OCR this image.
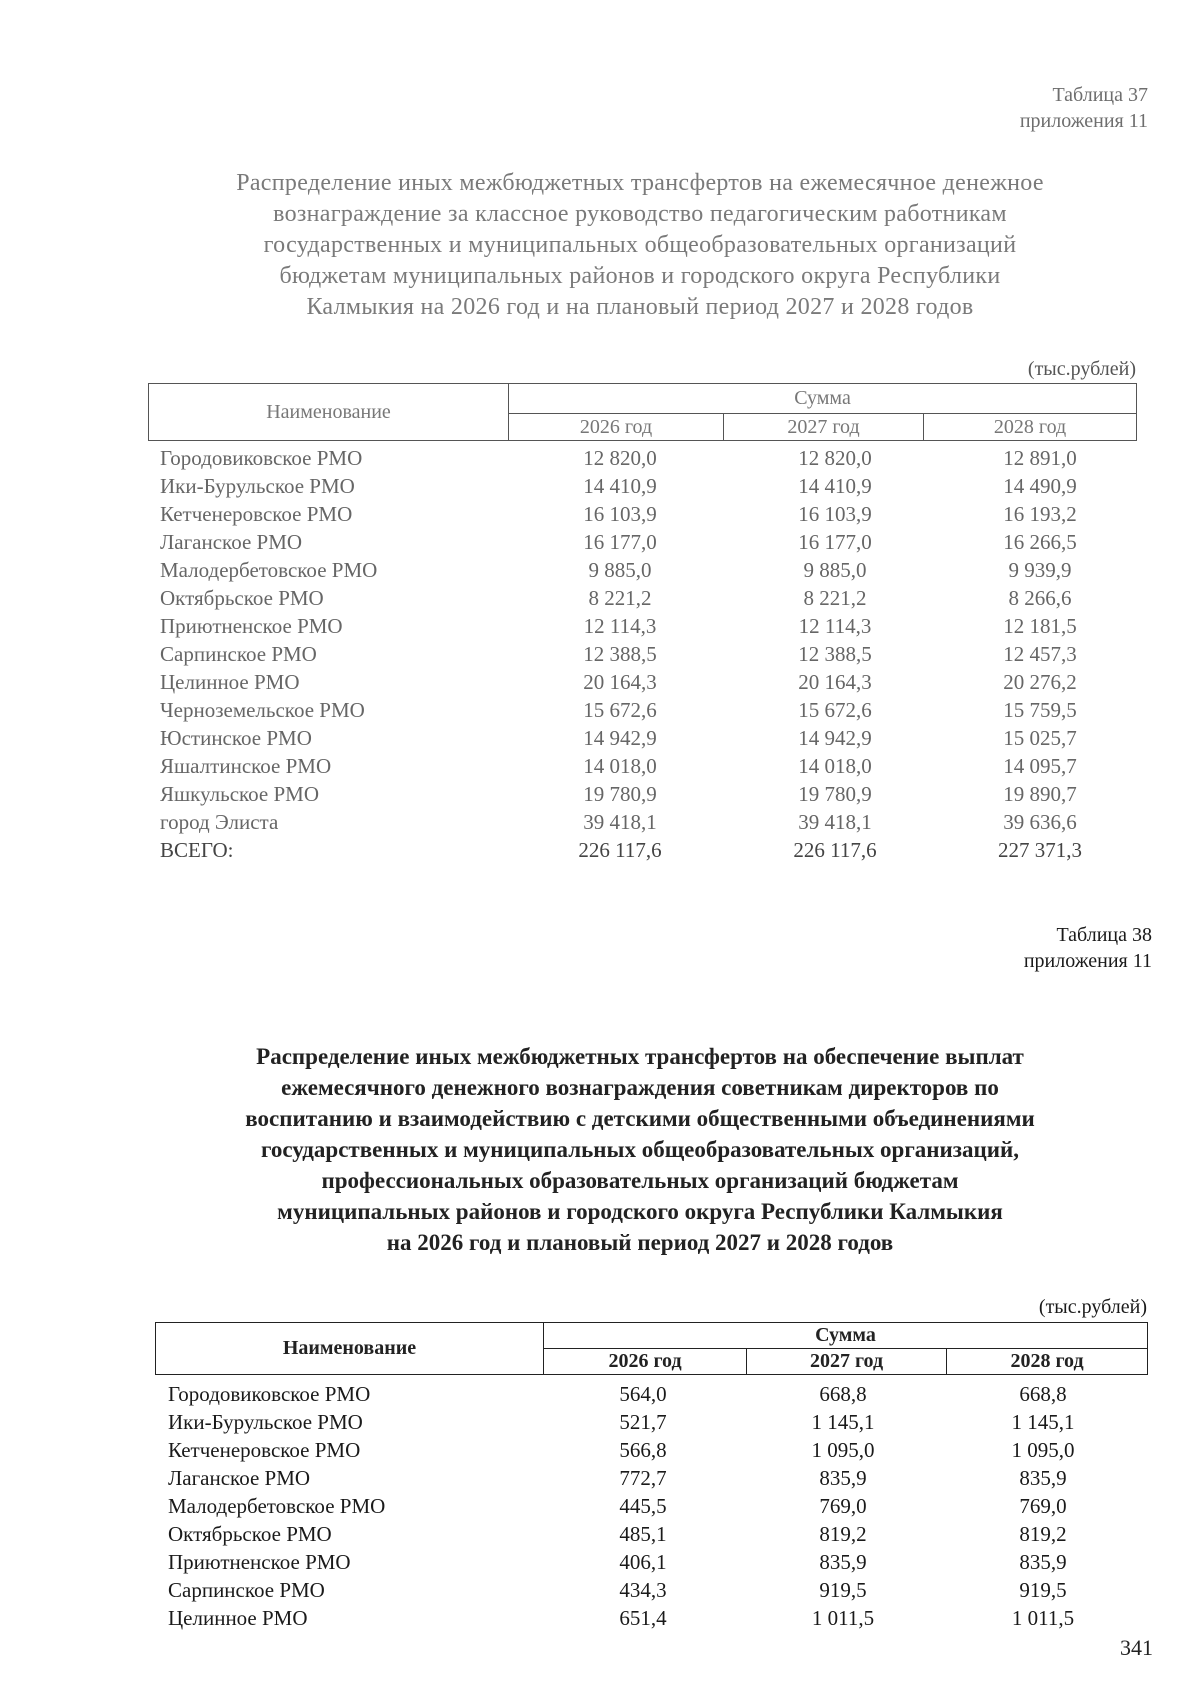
Таблица 37
приложения 11
Распределение иных межбюджетных трансфертов на ежемесячное денежное
вознаграждение за классное руководство педагогическим работникам
государственных и муниципальных общеобразовательных организаций
бюджетам муниципальных районов и городского округа Республики
Калмыкия на 2026 год и на плановый период 2027 и 2028 годов
(тыс.рублей)
Наименование	Сумма		
	2026 год	2027 год	2028 год
Городовиковское РМО	12 820,0	12 820,0	12 891,0
Ики-Бурульское РМО	14 410,9	14 410,9	14 490,9
Кетченеровское РМО	16 103,9	16 103,9	16 193,2
Лаганское РМО	16 177,0	16 177,0	16 266,5
Малодербетовское РМО	9 885,0	9 885,0	9 939,9
Октябрьское РМО	8 221,2	8 221,2	8 266,6
Приютненское РМО	12 114,3	12 114,3	12 181,5
Сарпинское РМО	12 388,5	12 388,5	12 457,3
Целинное РМО	20 164,3	20 164,3	20 276,2
Черноземельское РМО	15 672,6	15 672,6	15 759,5
Юстинское РМО	14 942,9	14 942,9	15 025,7
Яшалтинское РМО	14 018,0	14 018,0	14 095,7
Яшкульское РМО	19 780,9	19 780,9	19 890,7
город Элиста	39 418,1	39 418,1	39 636,6
ВСЕГО:	226 117,6	226 117,6	227 371,3
Таблица 38
приложения 11
Распределение иных межбюджетных трансфертов на обеспечение выплат
ежемесячного денежного вознаграждения советникам директоров по
воспитанию и взаимодействию с детскими общественными объединениями
государственных и муниципальных общеобразовательных организаций,
профессиональных образовательных организаций бюджетам
муниципальных районов и городского округа Республики Калмыкия
на 2026 год и плановый период 2027 и 2028 годов
(тыс.рублей)
Наименование	Сумма		
	2026 год	2027 год	2028 год
Городовиковское РМО	564,0	668,8	668,8
Ики-Бурульское РМО	521,7	1 145,1	1 145,1
Кетченеровское РМО	566,8	1 095,0	1 095,0
Лаганское РМО	772,7	835,9	835,9
Малодербетовское РМО	445,5	769,0	769,0
Октябрьское РМО	485,1	819,2	819,2
Приютненское РМО	406,1	835,9	835,9
Сарпинское РМО	434,3	919,5	919,5
Целинное РМО	651,4	1 011,5	1 011,5
341
